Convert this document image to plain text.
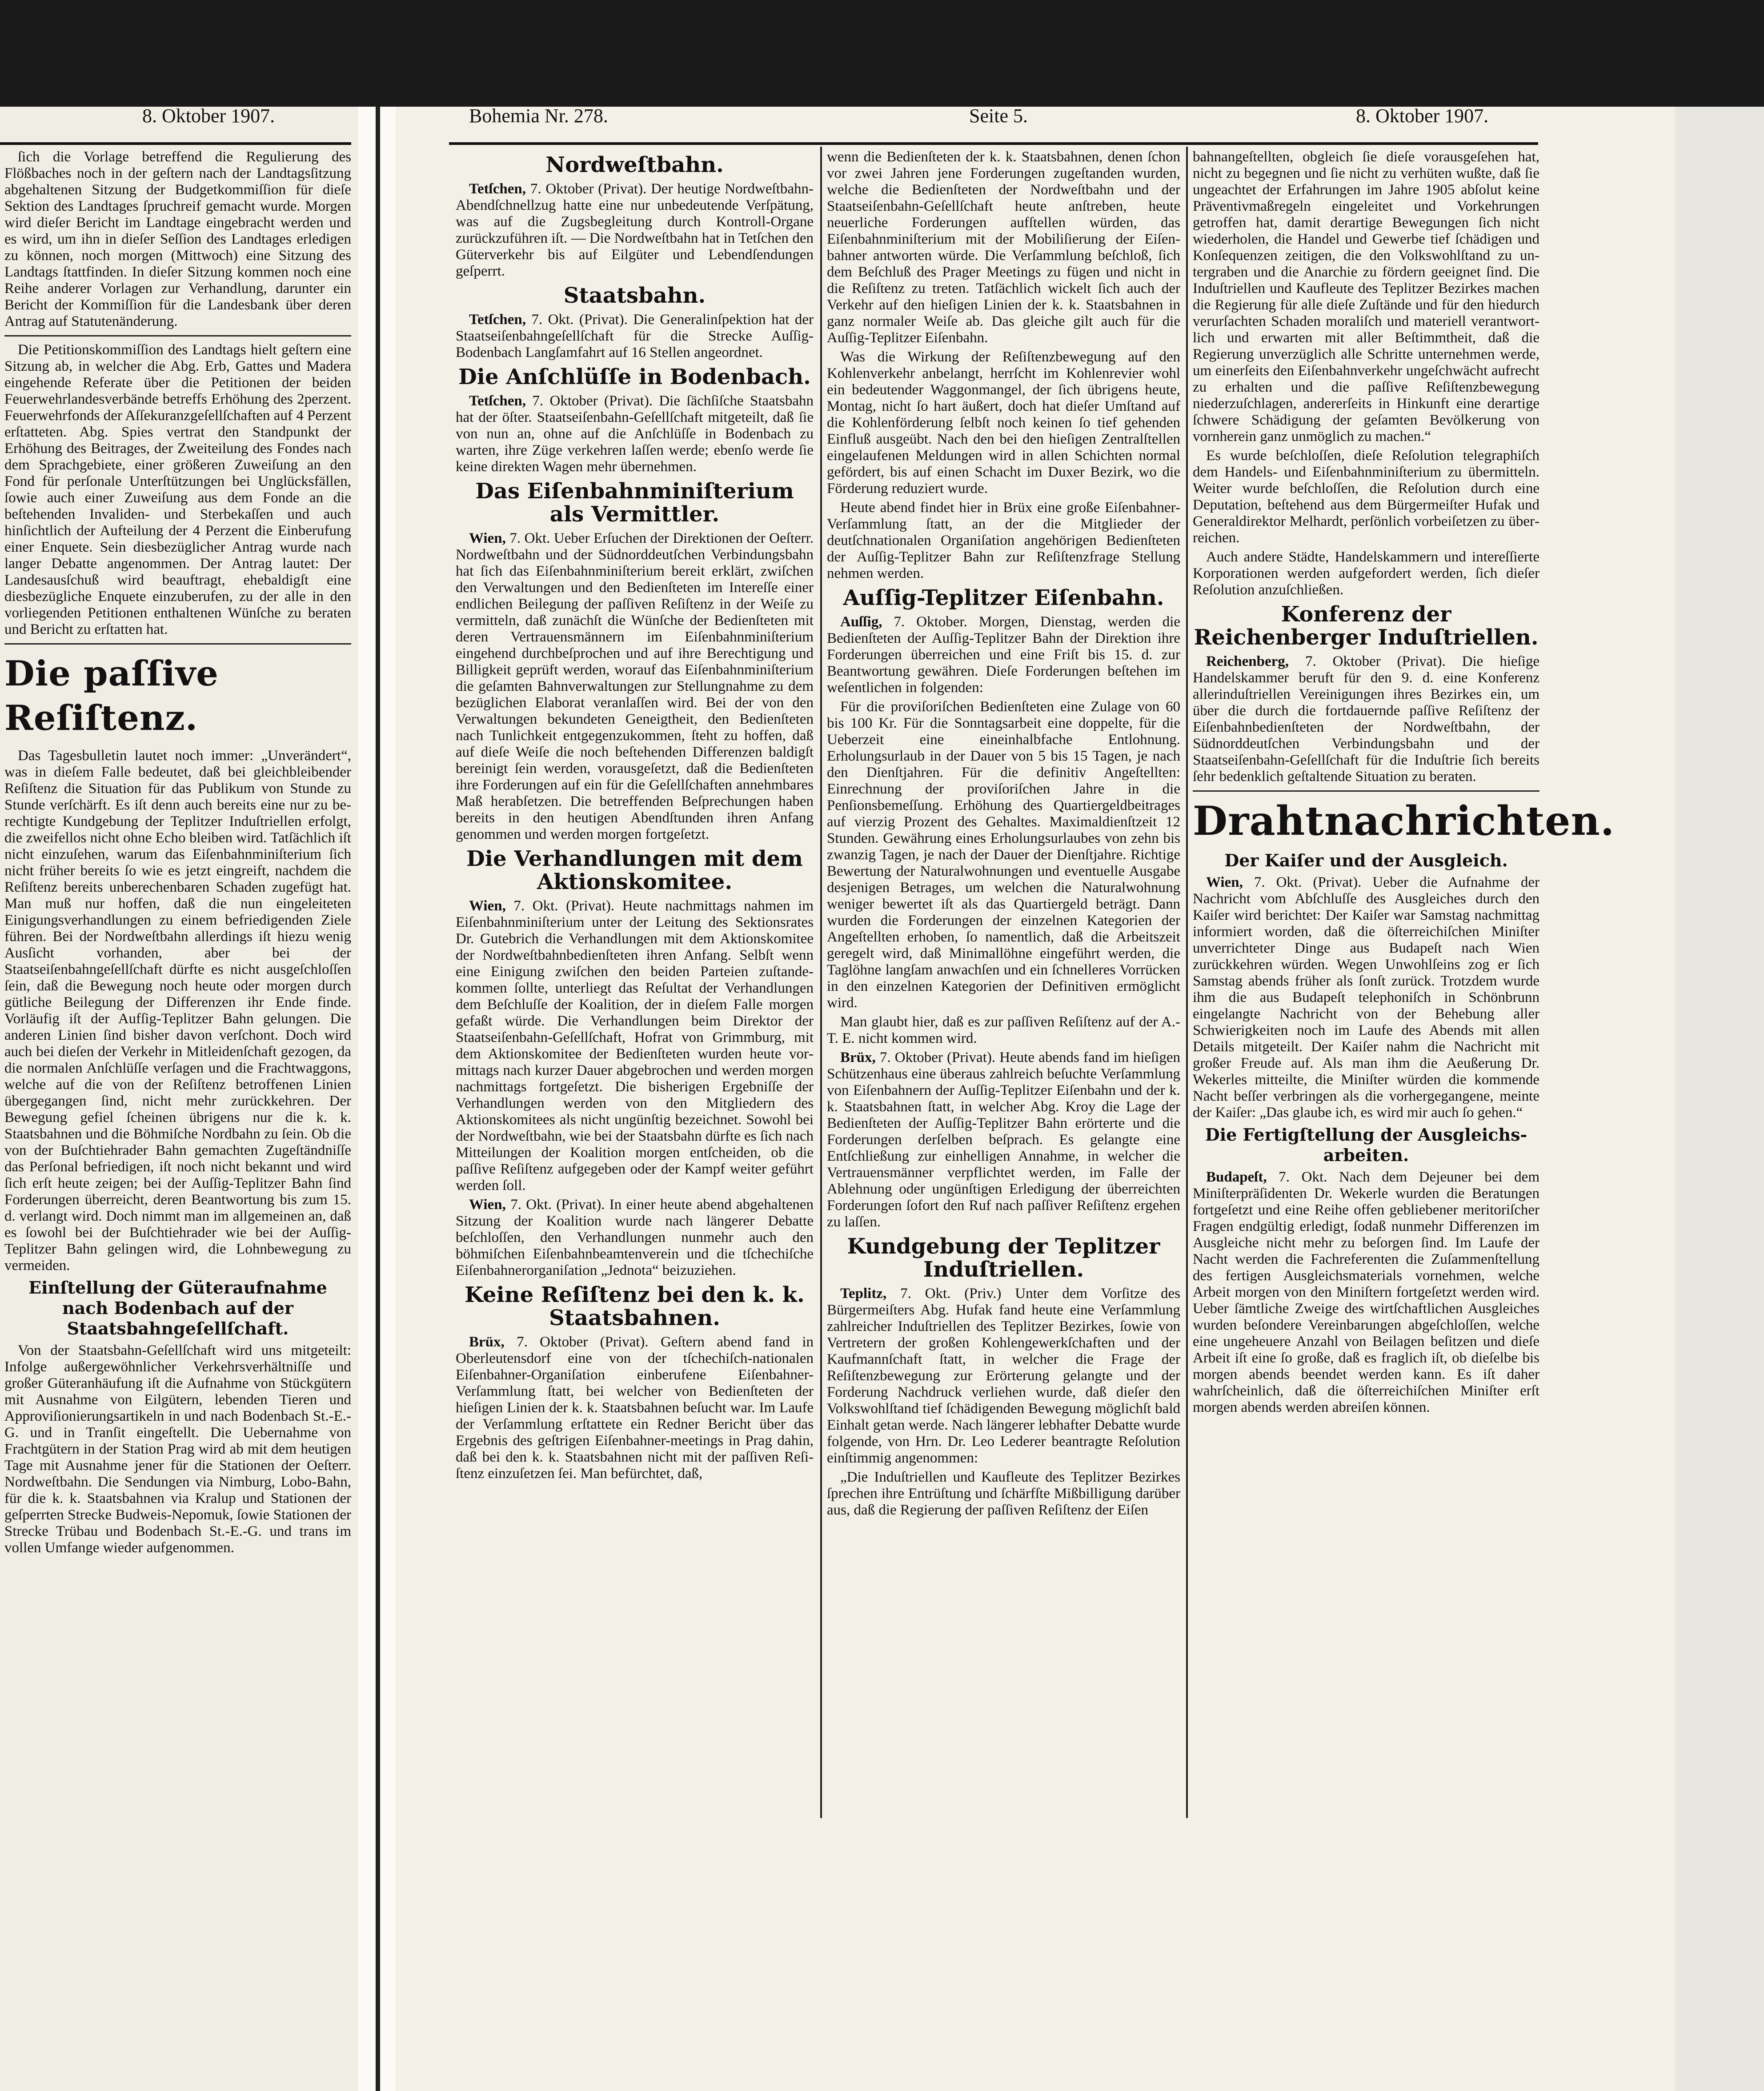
8. Oktober 1907.	Bohemia Nr. 278.	Seite 5.	8. Oktober 1907.

ſich die Vorlage betreffend die Regulierung des Flößbaches noch in der geſtern nach der Landtagsſitzung abgehaltenen Sitzung der Budgetkommiſſion für dieſe Sektion des Landtages ſpruchreif gemacht wurde. Morgen wird dieſer Bericht im Landtage eingebracht werden und es wird, um ihn in dieſer Seſſion des Landtages erledigen zu können, noch morgen (Mittwoch) eine Sitzung des Landtags ſtattfinden. In dieſer Sitzung kommen noch eine Reihe anderer Vorlagen zur Verhandlung, darunter ein Bericht der Kommiſſion für die Landesbank über deren Antrag auf Statutenänderung.

Die Petitionskommiſſion des Landtags hielt geſtern eine Sitzung ab, in welcher die Abg. Erb, Gattes und Madera eingehende Referate über die Petitionen der beiden Feuerwehrlandesverbände betreffs Erhöhung des 2perzent. Feuerwehrfonds der Aſſekuranzgeſellſchaften auf 4 Perzent erſtatteten. Abg. Spies vertrat den Standpunkt der Erhöhung des Beitrages, der Zweiteilung des Fondes nach dem Sprachgebiete, einer größeren Zuweiſung an den Fond für perſonale Unterſtützungen bei Unglücksfällen, ſowie auch einer Zuweiſung aus dem Fonde an die beſtehenden Invaliden- und Sterbekaſſen und auch hinſichtlich der Aufteilung der 4 Perzent die Einberufung einer Enquete. Sein diesbezüglicher Antrag wurde nach langer Debatte angenommen. Der Antrag lautet: Der Landesausſchuß wird beauftragt, ehebaldigſt eine diesbezügliche Enquete einzuberufen, zu der alle in den vorliegenden Petitionen enthaltenen Wünſche zu beraten und Bericht zu erſtatten hat.

Die paſſive Reſiſtenz.

Das Tagesbulletin lautet noch immer: „Unverändert“, was in dieſem Falle bedeutet, daß bei gleichbleibender Reſiſtenz die Situation für das Publikum von Stunde zu Stunde verſchärft. Es iſt denn auch bereits eine nur zu berechtigte Kundgebung der Teplitzer Induſtriellen erfolgt, die zweifellos nicht ohne Echo bleiben wird. Tatſächlich iſt nicht einzuſehen, warum das Eiſenbahnminiſterium ſich nicht früher bereits ſo wie es jetzt eingreift, nachdem die Reſiſtenz bereits unberechenbaren Schaden zugefügt hat. Man muß nur hoffen, daß die nun eingeleiteten Einigungsverhandlungen zu einem befriedigenden Ziele führen. Bei der Nordweſtbahn allerdings iſt hiezu wenig Ausſicht vorhanden, aber bei der Staatseiſenbahngeſellſchaft dürfte es nicht ausgeſchloſſen ſein, daß die Bewegung noch heute oder morgen durch gütliche Beilegung der Differenzen ihr Ende finde. Vorläufig iſt der Aufſig-Teplitzer Bahn gelungen. Die anderen Linien ſind bisher davon verſchont. Doch wird auch bei dieſen der Verkehr in Mitleidenſchaft gezogen, da die normalen Anſchlüſſe verſagen und die Frachtwaggons, welche auf die von der Reſiſtenz betroffenen Linien übergegangen ſind, nicht mehr zurückkehren. Der Bewegung gefiel ſcheinen übrigens nur die k. k. Staatsbahnen und die Böhmiſche Nordbahn zu ſein. Ob die von der Buſchtiehrader Bahn gemachten Zugeſtändniſſe das Perſonal befriedigen, iſt noch nicht bekannt und wird ſich erſt heute zeigen; bei der Auſſig-Teplitzer Bahn ſind Forderungen überreicht, deren Beantwortung bis zum 15. d. verlangt wird. Doch nimmt man im allgemeinen an, daß es ſowohl bei der Buſchtiehrader wie bei der Auſſig-Teplitzer Bahn gelingen wird, die Lohnbewegung zu vermeiden.

Einſtellung der Güteraufnahme nach Bodenbach auf der Staatsbahngeſellſchaft.

Von der Staatsbahn-Geſellſchaft wird uns mitgeteilt: Infolge außergewöhnlicher Verkehrsverhältniſſe und großer Güteranhäufung iſt die Aufnahme von Stückgütern mit Ausnahme von Eilgütern, lebenden Tieren und Approviſionierungsartikeln in und nach Bodenbach St.-E.-G. und in Tranſit eingeſtellt. Die Uebernahme von Frachtgütern in der Station Prag wird ab mit dem heutigen Tage mit Ausnahme jener für die Stationen der Oeſterr. Nordweſtbahn. Die Sendungen via Nimburg, Lobo-Bahn, für die k. k. Staatsbahnen via Kralup und Stationen der geſperrten Strecke Budweis-Nepomuk, ſowie Stationen der Strecke Trübau und Bodenbach St.-E.-G. und trans im vollen Umfange wieder aufgenommen.

Nordweſtbahn.

Tetſchen, 7. Oktober (Privat). Der heutige Nordweſtbahn-Abendſchnellzug hatte eine nur unbedeutende Verſpätung, was auf die Zugsbegleitung durch Kontroll-Organe zurückzuführen iſt. — Die Nordweſtbahn hat in Tetſchen den Güterverkehr bis auf Eilgüter und Lebendſendungen geſperrt.

Staatsbahn.

Tetſchen, 7. Okt. (Privat). Die Generalinſpektion hat der Staatseiſenbahngeſellſchaft für die Strecke Auſſig-Bodenbach Langſamfahrt auf 16 Stellen angeordnet.

Die Anſchlüſſe in Bodenbach.

Tetſchen, 7. Oktober (Privat). Die ſächſiſche Staatsbahn hat der öſter. Staatseiſenbahn-Geſellſchaft mitgeteilt, daß ſie von nun an, ohne auf die Anſchlüſſe in Bodenbach zu warten, ihre Züge verkehren laſſen werde; ebenſo werde ſie keine direkten Wagen mehr übernehmen.

Das Eiſenbahnminiſterium als Vermittler.

Wien, 7. Okt. Ueber Erſuchen der Direktionen der Oeſterr. Nordweſtbahn und der Südnorddeutſchen Verbindungsbahn hat ſich das Eiſenbahnminiſterium bereit erklärt, zwiſchen den Verwaltungen und den Bedienſteten im Intereſſe einer endlichen Beilegung der paſſiven Reſiſtenz in der Weiſe zu vermitteln, daß zunächſt die Wünſche der Bedienſteten mit deren Vertrauensmännern im Eiſenbahnminiſterium eingehend durchbeſprochen und auf ihre Berechtigung und Billigkeit geprüft werden, worauf das Eiſenbahnminiſterium die geſamten Bahnverwaltungen zur Stellungnahme zu dem bezüglichen Elaborat veranlaſſen wird. Bei der von den Verwaltungen bekundeten Geneigtheit, den Bedienſteten nach Tunlichkeit entgegenzukommen, ſteht zu hoffen, daß auf dieſe Weiſe die noch beſtehenden Differenzen baldigſt bereinigt ſein werden, vorausgeſetzt, daß die Bedienſteten ihre Forderungen auf ein für die Geſellſchaften annehmbares Maß herabſetzen. Die betreffenden Beſprechungen haben bereits in den heutigen Abendſtunden ihren Anfang genommen und werden morgen fortgeſetzt.

Die Verhandlungen mit dem Aktionskomitee.

Wien, 7. Okt. (Privat). Heute nachmittags nahmen im Eiſenbahnminiſterium unter der Leitung des Sektionsrates Dr. Gutebrich die Verhandlungen mit dem Aktionskomitee der Nordweſtbahnbedienſteten ihren Anfang. Selbſt wenn eine Einigung zwiſchen den beiden Parteien zuſtandekommen ſollte, unterliegt das Reſultat der Verhandlungen dem Beſchluſſe der Koalition, der in dieſem Falle morgen gefaßt würde. Die Verhandlungen beim Direktor der Staatseiſenbahn-Geſellſchaft, Hofrat von Grimmburg, mit dem Aktionskomitee der Bedienſteten wurden heute vormittags nach kurzer Dauer abgebrochen und werden morgen nachmittags fortgeſetzt. Die bisherigen Ergebniſſe der Verhandlungen werden von den Mitgliedern des Aktionskomitees als nicht ungünſtig bezeichnet. Sowohl bei der Nordweſtbahn, wie bei der Staatsbahn dürfte es ſich nach Mitteilungen der Koalition morgen entſcheiden, ob die paſſive Reſiſtenz aufgegeben oder der Kampf weiter geführt werden ſoll.

Wien, 7. Okt. (Privat). In einer heute abend abgehaltenen Sitzung der Koalition wurde nach längerer Debatte beſchloſſen, den Verhandlungen nunmehr auch den böhmiſchen Eiſenbahnbeamtenverein und die tſchechiſche Eiſenbahnerorganiſation „Jednota“ beizuziehen.

Keine Reſiſtenz bei den k. k. Staatsbahnen.

Brüx, 7. Oktober (Privat). Geſtern abend fand in Oberleutensdorf eine von der tſchechiſch-nationalen Eiſenbahner-Organiſation einberufene Eiſenbahner-Verſammlung ſtatt, bei welcher von Bedienſteten der hieſigen Linien der k. k. Staatsbahnen beſucht war. Im Laufe der Verſammlung erſtattete ein Redner Bericht über das Ergebnis des geſtrigen Eiſenbahner-meetings in Prag dahin, daß bei den k. k. Staatsbahnen nicht mit der paſſiven Reſiſtenz einzuſetzen ſei. Man befürchtet, daß,

wenn die Bedienſteten der k. k. Staatsbahnen, denen ſchon vor zwei Jahren jene Forderungen zugeſtanden wurden, welche die Bedienſteten der Nordweſtbahn und der Staatseiſenbahn-Geſellſchaft heute anſtreben, heute neuerliche Forderungen aufſtellen würden, das Eiſenbahnminiſterium mit der Mobiliſierung der Eiſenbahner antworten würde. Die Verſammlung beſchloß, ſich dem Beſchluß des Prager Meetings zu fügen und nicht in die Reſiſtenz zu treten. Tatſächlich wickelt ſich auch der Verkehr auf den hieſigen Linien der k. k. Staatsbahnen in ganz normaler Weiſe ab. Das gleiche gilt auch für die Auſſig-Teplitzer Eiſenbahn.

Was die Wirkung der Reſiſtenzbewegung auf den Kohlenverkehr anbelangt, herrſcht im Kohlenrevier wohl ein bedeutender Waggonmangel, der ſich übrigens heute, Montag, nicht ſo hart äußert, doch hat dieſer Umſtand auf die Kohlenförderung ſelbſt noch keinen ſo tief gehenden Einfluß ausgeübt. Nach den bei den hieſigen Zentralſtellen eingelaufenen Meldungen wird in allen Schichten normal gefördert, bis auf einen Schacht im Duxer Bezirk, wo die Förderung reduziert wurde.

Heute abend findet hier in Brüx eine große Eiſenbahner-Verſammlung ſtatt, an der die Mitglieder der deutſchnationalen Organiſation angehörigen Bedienſteten der Auſſig-Teplitzer Bahn zur Reſiſtenzfrage Stellung nehmen werden.

Auſſig-Teplitzer Eiſenbahn.

Auſſig, 7. Oktober. Morgen, Dienstag, werden die Bedienſteten der Auſſig-Teplitzer Bahn der Direktion ihre Forderungen überreichen und eine Friſt bis 15. d. zur Beantwortung gewähren. Dieſe Forderungen beſtehen im weſentlichen in folgenden:

Für die proviſoriſchen Bedienſteten eine Zulage von 60 bis 100 Kr. Für die Sonntagsarbeit eine doppelte, für die Ueberzeit eine eineinhalbfache Entlohnung. Erholungsurlaub in der Dauer von 5 bis 15 Tagen, je nach den Dienſtjahren. Für die definitiv Angeſtellten: Einrechnung der proviſoriſchen Jahre in die Penſionsbemeſſung. Erhöhung des Quartiergeldbeitrages auf vierzig Prozent des Gehaltes. Maximaldienſtzeit 12 Stunden. Gewährung eines Erholungsurlaubes von zehn bis zwanzig Tagen, je nach der Dauer der Dienſtjahre. Richtige Bewertung der Naturalwohnungen und eventuelle Ausgabe desjenigen Betrages, um welchen die Naturalwohnung weniger bewertet iſt als das Quartiergeld beträgt. Dann wurden die Forderungen der einzelnen Kategorien der Angeſtellten erhoben, ſo namentlich, daß die Arbeitszeit geregelt wird, daß Minimallöhne eingeführt werden, die Taglöhne langſam anwachſen und ein ſchnelleres Vorrücken in den einzelnen Kategorien der Definitiven ermöglicht wird.

Man glaubt hier, daß es zur paſſiven Reſiſtenz auf der A.-T. E. nicht kommen wird.

Brüx, 7. Oktober (Privat). Heute abends fand im hieſigen Schützenhaus eine überaus zahlreich beſuchte Verſammlung von Eiſenbahnern der Auſſig-Teplitzer Eiſenbahn und der k. k. Staatsbahnen ſtatt, in welcher Abg. Kroy die Lage der Bedienſteten der Auſſig-Teplitzer Bahn erörterte und die Forderungen derſelben beſprach. Es gelangte eine Entſchließung zur einhelligen Annahme, in welcher die Vertrauensmänner verpflichtet werden, im Falle der Ablehnung oder ungünſtigen Erledigung der überreichten Forderungen ſofort den Ruf nach paſſiver Reſiſtenz ergehen zu laſſen.

Kundgebung der Teplitzer Induſtriellen.

Teplitz, 7. Okt. (Priv.) Unter dem Vorſitze des Bürgermeiſters Abg. Hufak fand heute eine Verſammlung zahlreicher Induſtriellen des Teplitzer Bezirkes, ſowie von Vertretern der großen Kohlengewerkſchaften und der Kaufmannſchaft ſtatt, in welcher die Frage der Reſiſtenzbewegung zur Erörterung gelangte und der Forderung Nachdruck verliehen wurde, daß dieſer den Volkswohlſtand tief ſchädigenden Bewegung möglichſt bald Einhalt getan werde. Nach längerer lebhafter Debatte wurde folgende, von Hrn. Dr. Leo Lederer beantragte Reſolution einſtimmig angenommen:

„Die Induſtriellen und Kaufleute des Teplitzer Bezirkes ſprechen ihre Entrüſtung und ſchärfſte Mißbilligung darüber aus, daß die Regierung der paſſiven Reſiſtenz der Eiſen

bahnangeſtellten, obgleich ſie dieſe vorausgeſehen hat, nicht zu begegnen und ſie nicht zu verhüten wußte, daß ſie ungeachtet der Erfahrungen im Jahre 1905 abſolut keine Präventivmaßregeln eingeleitet und Vorkehrungen getroffen hat, damit derartige Bewegungen ſich nicht wiederholen, die Handel und Gewerbe tief ſchädigen und Konſequenzen zeitigen, die den Volkswohlſtand zu untergraben und die Anarchie zu fördern geeignet ſind. Die Induſtriellen und Kaufleute des Teplitzer Bezirkes machen die Regierung für alle dieſe Zuſtände und für den hiedurch verurſachten Schaden moraliſch und materiell verantwortlich und erwarten mit aller Beſtimmtheit, daß die Regierung unverzüglich alle Schritte unternehmen werde, um einerſeits den Eiſenbahnverkehr ungeſchwächt aufrecht zu erhalten und die paſſive Reſiſtenzbewegung niederzuſchlagen, andererſeits in Hinkunft eine derartige ſchwere Schädigung der geſamten Bevölkerung von vornherein ganz unmöglich zu machen.“

Es wurde beſchloſſen, dieſe Reſolution telegraphiſch dem Handels- und Eiſenbahnminiſterium zu übermitteln. Weiter wurde beſchloſſen, die Reſolution durch eine Deputation, beſtehend aus dem Bürgermeiſter Hufak und Generaldirektor Melhardt, perſönlich vorbeiſetzen zu überreichen.

Auch andere Städte, Handelskammern und intereſſierte Korporationen werden aufgefordert werden, ſich dieſer Reſolution anzuſchließen.

Konferenz der Reichenberger Induſtriellen.

Reichenberg, 7. Oktober (Privat). Die hieſige Handelskammer beruft für den 9. d. eine Konferenz allerinduſtriellen Vereinigungen ihres Bezirkes ein, um über die durch die fortdauernde paſſive Reſiſtenz der Eiſenbahnbedienſteten der Nordweſtbahn, der Südnorddeutſchen Verbindungsbahn und der Staatseiſenbahn-Geſellſchaft für die Induſtrie ſich bereits ſehr bedenklich geſtaltende Situation zu beraten.

Drahtnachrichten.
Der Kaiſer und der Ausgleich.

Wien, 7. Okt. (Privat). Ueber die Aufnahme der Nachricht vom Abſchluſſe des Ausgleiches durch den Kaiſer wird berichtet: Der Kaiſer war Samstag nachmittag informiert worden, daß die öſterreichiſchen Miniſter unverrichteter Dinge aus Budapeſt nach Wien zurückkehren würden. Wegen Unwohlſeins zog er ſich Samstag abends früher als ſonſt zurück. Trotzdem wurde ihm die aus Budapeſt telephoniſch in Schönbrunn eingelangte Nachricht von der Behebung aller Schwierigkeiten noch im Laufe des Abends mit allen Details mitgeteilt. Der Kaiſer nahm die Nachricht mit großer Freude auf. Als man ihm die Aeußerung Dr. Wekerles mitteilte, die Miniſter würden die kommende Nacht beſſer verbringen als die vorhergegangene, meinte der Kaiſer: „Das glaube ich, es wird mir auch ſo gehen.“

Die Fertigſtellung der Ausgleichsarbeiten.

Budapeſt, 7. Okt. Nach dem Dejeuner bei dem Miniſterpräſidenten Dr. Wekerle wurden die Beratungen fortgeſetzt und eine Reihe offen gebliebener meritoriſcher Fragen endgültig erledigt, ſodaß nunmehr Differenzen im Ausgleiche nicht mehr zu beſorgen ſind. Im Laufe der Nacht werden die Fachreferenten die Zuſammenſtellung des fertigen Ausgleichsmaterials vornehmen, welche Arbeit morgen von den Miniſtern fortgeſetzt werden wird. Ueber ſämtliche Zweige des wirtſchaftlichen Ausgleiches wurden beſondere Vereinbarungen abgeſchloſſen, welche eine ungeheuere Anzahl von Beilagen beſitzen und dieſe Arbeit iſt eine ſo große, daß es fraglich iſt, ob dieſelbe bis morgen abends beendet werden kann. Es iſt daher wahrſcheinlich, daß die öſterreichiſchen Miniſter erſt morgen abends werden abreiſen können.
